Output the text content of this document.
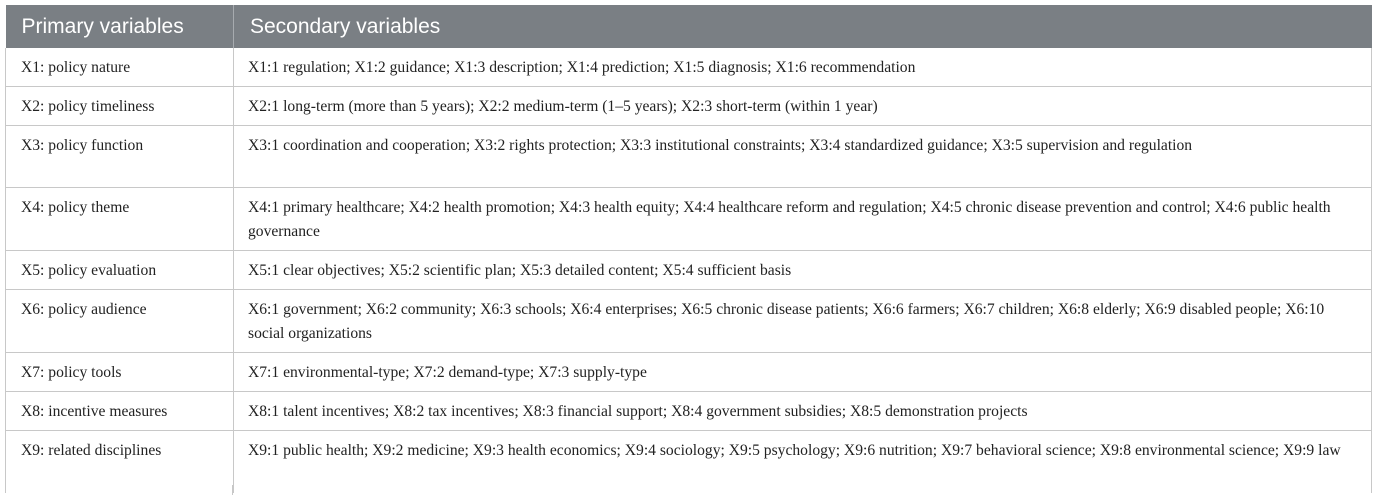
Primary variables	Secondary variables
X1: policy nature	X1:1 regulation; X1:2 guidance; X1:3 description; X1:4 prediction; X1:5 diagnosis; X1:6 recommendation
X2: policy timeliness	X2:1 long-term (more than 5 years); X2:2 medium-term (1–5 years); X2:3 short-term (within 1 year)
X3: policy function	X3:1 coordination and cooperation; X3:2 rights protection; X3:3 institutional constraints; X3:4 standardized guidance; X3:5 supervision and regulation
X4: policy theme	X4:1 primary healthcare; X4:2 health promotion; X4:3 health equity; X4:4 healthcare reform and regulation; X4:5 chronic disease prevention and control; X4:6 public health governance
X5: policy evaluation	X5:1 clear objectives; X5:2 scientific plan; X5:3 detailed content; X5:4 sufficient basis
X6: policy audience	X6:1 government; X6:2 community; X6:3 schools; X6:4 enterprises; X6:5 chronic disease patients; X6:6 farmers; X6:7 children; X6:8 elderly; X6:9 disabled people; X6:10 social organizations
X7: policy tools	X7:1 environmental-type; X7:2 demand-type; X7:3 supply-type
X8: incentive measures	X8:1 talent incentives; X8:2 tax incentives; X8:3 financial support; X8:4 government subsidies; X8:5 demonstration projects
X9: related disciplines	X9:1 public health; X9:2 medicine; X9:3 health economics; X9:4 sociology; X9:5 psychology; X9:6 nutrition; X9:7 behavioral science; X9:8 environmental science; X9:9 law
